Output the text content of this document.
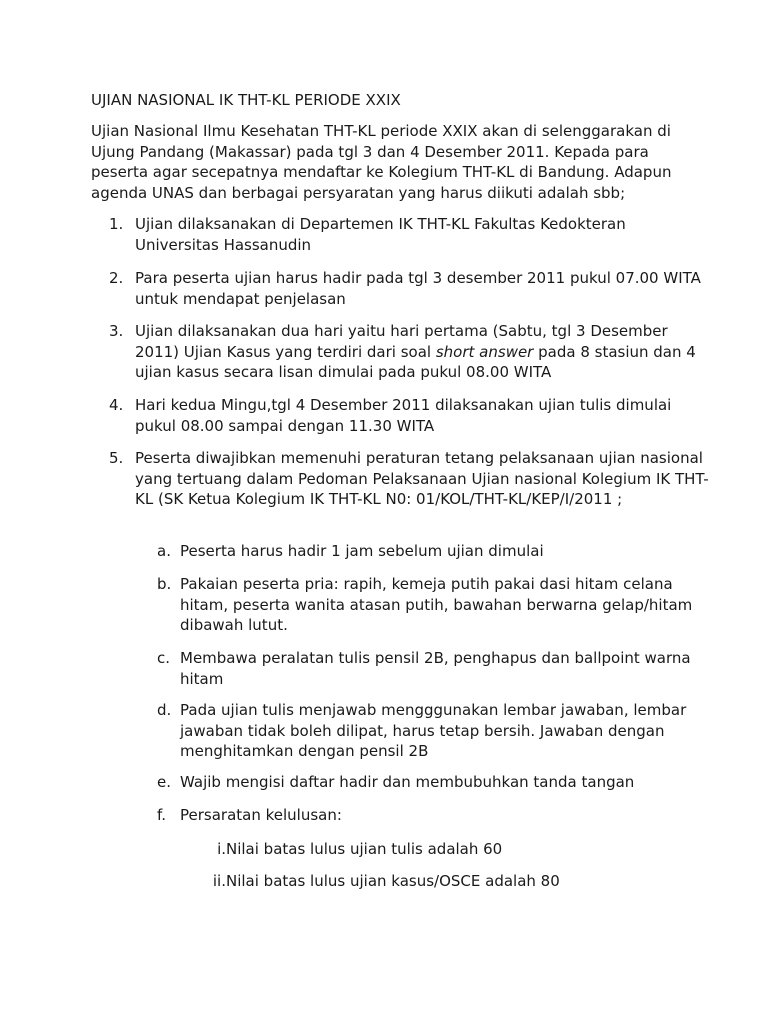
UJIAN NASIONAL IK THT-KL PERIODE XXIX

Ujian Nasional Ilmu Kesehatan THT-KL periode XXIX akan di selenggarakan di Ujung Pandang (Makassar) pada tgl 3 dan 4 Desember 2011. Kepada para peserta agar secepatnya mendaftar ke Kolegium THT-KL di Bandung. Adapun agenda UNAS dan berbagai persyaratan yang harus diikuti adalah sbb;

1. Ujian dilaksanakan di Departemen IK THT-KL Fakultas Kedokteran Universitas Hassanudin
2. Para peserta ujian harus hadir pada tgl 3 desember 2011 pukul 07.00 WITA untuk mendapat penjelasan
3. Ujian dilaksanakan dua hari yaitu hari pertama (Sabtu, tgl 3 Desember 2011) Ujian Kasus yang terdiri dari soal short answer pada 8 stasiun dan 4 ujian kasus secara lisan dimulai pada pukul 08.00 WITA
4. Hari kedua Mingu,tgl 4 Desember 2011 dilaksanakan ujian tulis dimulai pukul 08.00 sampai dengan 11.30 WITA
5. Peserta diwajibkan memenuhi peraturan tetang pelaksanaan ujian nasional yang tertuang dalam Pedoman Pelaksanaan Ujian nasional Kolegium IK THT-KL (SK Ketua Kolegium IK THT-KL N0: 01/KOL/THT-KL/KEP/I/2011 ;
a. Peserta harus hadir 1 jam sebelum ujian dimulai
b. Pakaian peserta pria: rapih, kemeja putih pakai dasi hitam celana hitam, peserta wanita atasan putih, bawahan berwarna gelap/hitam dibawah lutut.
c. Membawa peralatan tulis pensil 2B, penghapus dan ballpoint warna hitam
d. Pada ujian tulis menjawab mengggunakan lembar jawaban, lembar jawaban tidak boleh dilipat, harus tetap bersih. Jawaban dengan menghitamkan dengan pensil 2B
e. Wajib mengisi daftar hadir dan membubuhkan tanda tangan
f. Persaratan kelulusan:
i. Nilai batas lulus ujian tulis adalah 60
ii. Nilai batas lulus ujian kasus/OSCE adalah 80
